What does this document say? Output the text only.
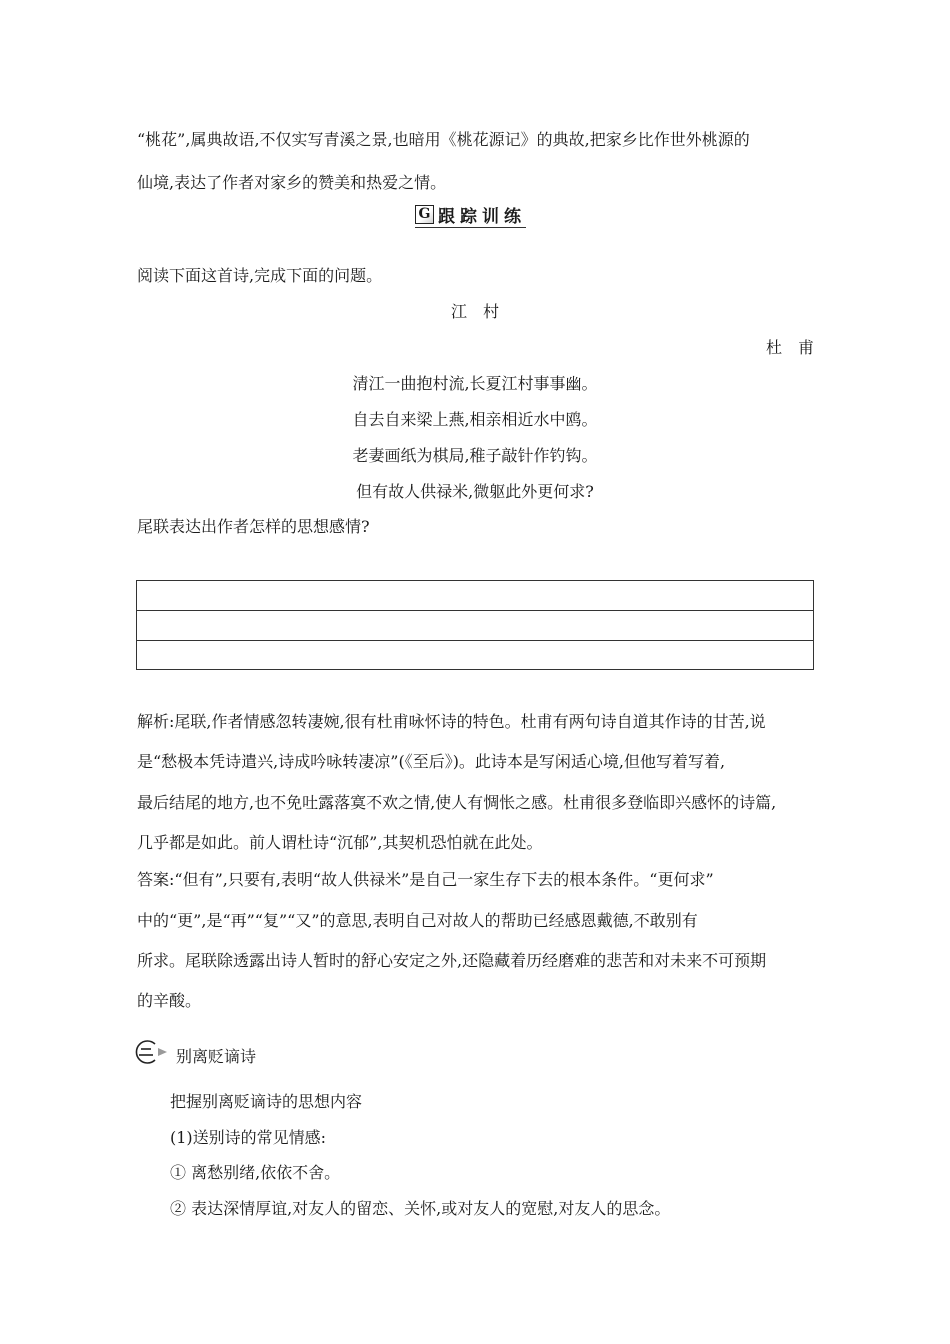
“桃花”,属典故语,不仅实写青溪之景,也暗用《桃花源记》的典故,把家乡比作世外桃源的
仙境,表达了作者对家乡的赞美和热爱之情。
G 跟踪训练
阅读下面这首诗,完成下面的问题。
江　村
杜　甫
清江一曲抱村流,长夏江村事事幽。
自去自来梁上燕,相亲相近水中鸥。
老妻画纸为棋局,稚子敲针作钓钩。
但有故人供禄米,微躯此外更何求?
尾联表达出作者怎样的思想感情?
解析:尾联,作者情感忽转凄婉,很有杜甫咏怀诗的特色。杜甫有两句诗自道其作诗的甘苦,说
是“愁极本凭诗遣兴,诗成吟咏转凄凉”(《至后》)。此诗本是写闲适心境,但他写着写着,
最后结尾的地方,也不免吐露落寞不欢之情,使人有惆怅之感。杜甫很多登临即兴感怀的诗篇,
几乎都是如此。前人谓杜诗“沉郁”,其契机恐怕就在此处。
答案:“但有”,只要有,表明“故人供禄米”是自己一家生存下去的根本条件。“更何求”
中的“更”,是“再”“复”“又”的意思,表明自己对故人的帮助已经感恩戴德,不敢别有
所求。尾联除透露出诗人暂时的舒心安定之外,还隐藏着历经磨难的悲苦和对未来不可预期
的辛酸。
别离贬谪诗
把握别离贬谪诗的思想内容
(1)送别诗的常见情感:
① 离愁别绪,依依不舍。
② 表达深情厚谊,对友人的留恋、关怀,或对友人的宽慰,对友人的思念。
